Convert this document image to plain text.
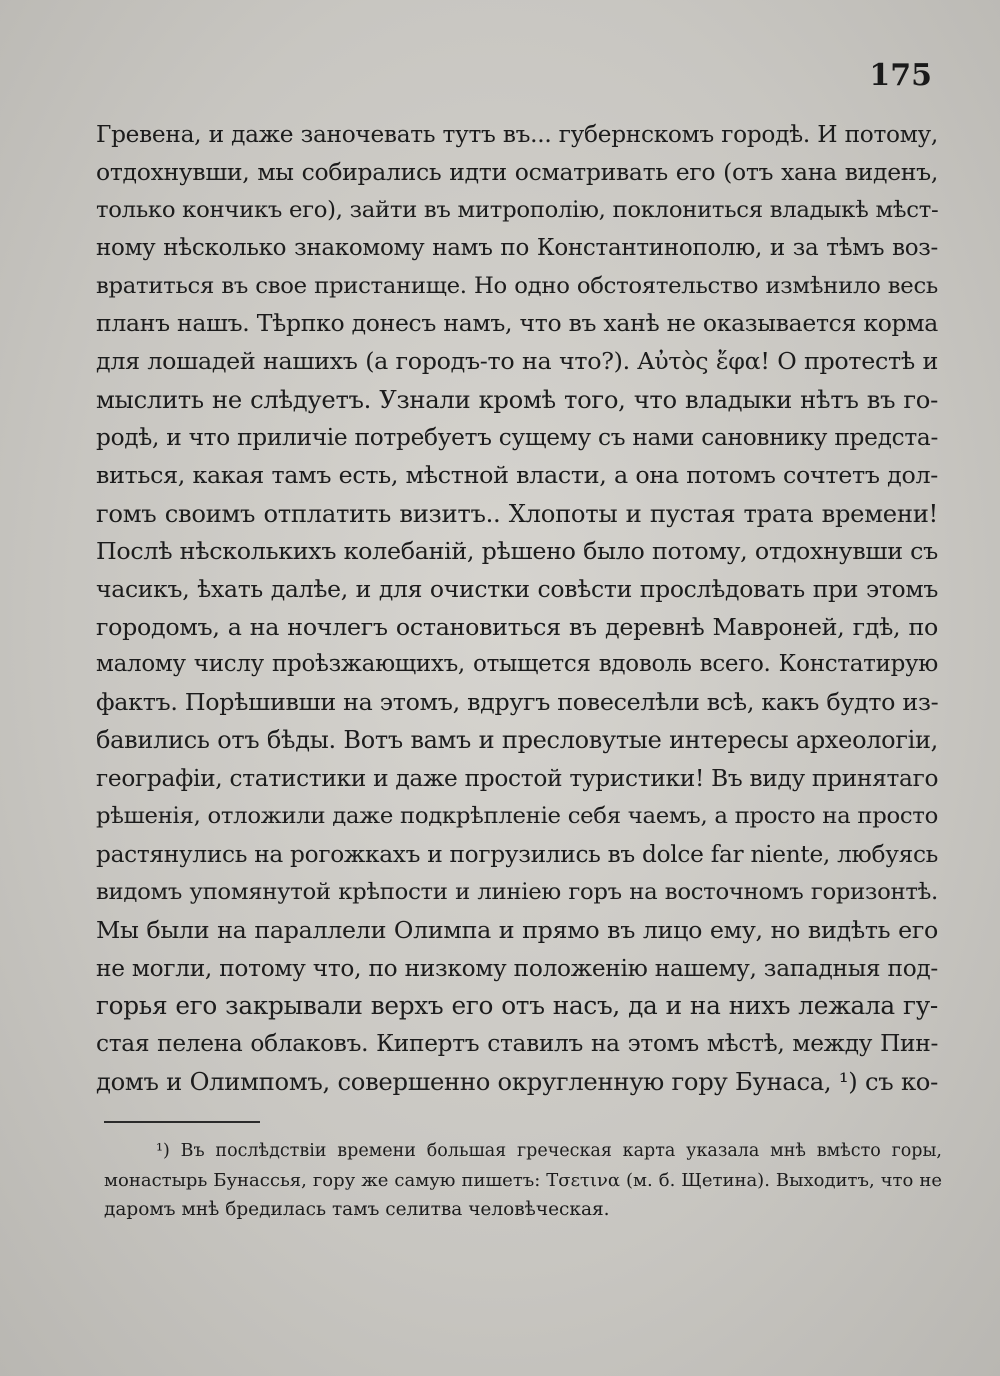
175
Гревена, и даже заночевать тутъ въ... губернскомъ городѣ. И потому,
отдохнувши, мы собирались идти осматривать его (отъ хана виденъ,
только кончикъ его), зайти въ митрополію, поклониться владыкѣ мѣст-
ному нѣсколько знакомому намъ по Константинополю, и за тѣмъ воз-
вратиться въ свое пристанище. Но одно обстоятельство измѣнило весь
планъ нашъ. Тѣрпко донесъ намъ, что въ ханѣ не оказывается корма
для лошадей нашихъ (а городъ-то на что?). Αὐτὸς ἔφα! О протестѣ и
мыслить не слѣдуетъ. Узнали кромѣ того, что владыки нѣтъ въ го-
родѣ, и что приличіе потребуетъ сущему съ нами сановнику предста-
виться, какая тамъ есть, мѣстной власти, а она потомъ сочтетъ дол-
гомъ своимъ отплатить визитъ.. Хлопоты и пустая трата времени!
Послѣ нѣсколькихъ колебаній, рѣшено было потому, отдохнувши съ
часикъ, ѣхать далѣе, и для очистки совѣсти прослѣдовать при этомъ
городомъ, а на ночлегъ остановиться въ деревнѣ Мавроней, гдѣ, по
малому числу проѣзжающихъ, отыщется вдоволь всего. Констатирую
фактъ. Порѣшивши на этомъ, вдругъ повеселѣли всѣ, какъ будто из-
бавились отъ бѣды. Вотъ вамъ и пресловутые интересы археологіи,
географіи, статистики и даже простой туристики! Въ виду принятаго
рѣшенія, отложили даже подкрѣпленіе себя чаемъ, а просто на просто
растянулись на рогожкахъ и погрузились въ dolce far niente, любуясь
видомъ упомянутой крѣпости и линіею горъ на восточномъ горизонтѣ.
Мы были на параллели Олимпа и прямо въ лицо ему, но видѣть его
не могли, потому что, по низкому положенію нашему, западныя под-
горья его закрывали верхъ его отъ насъ, да и на нихъ лежала гу-
стая пелена облаковъ. Кипертъ ставилъ на этомъ мѣстѣ, между Пин-
домъ и Олимпомъ, совершенно округленную гору Бунаса, ¹) съ ко-
¹) Въ послѣдствіи времени большая греческая карта указала мнѣ вмѣсто горы,
монастырь Бунассья, гору же самую пишетъ: Τσετινα (м. б. Щетина). Выходитъ, что не
даромъ мнѣ бредилась тамъ селитва человѣческая.
